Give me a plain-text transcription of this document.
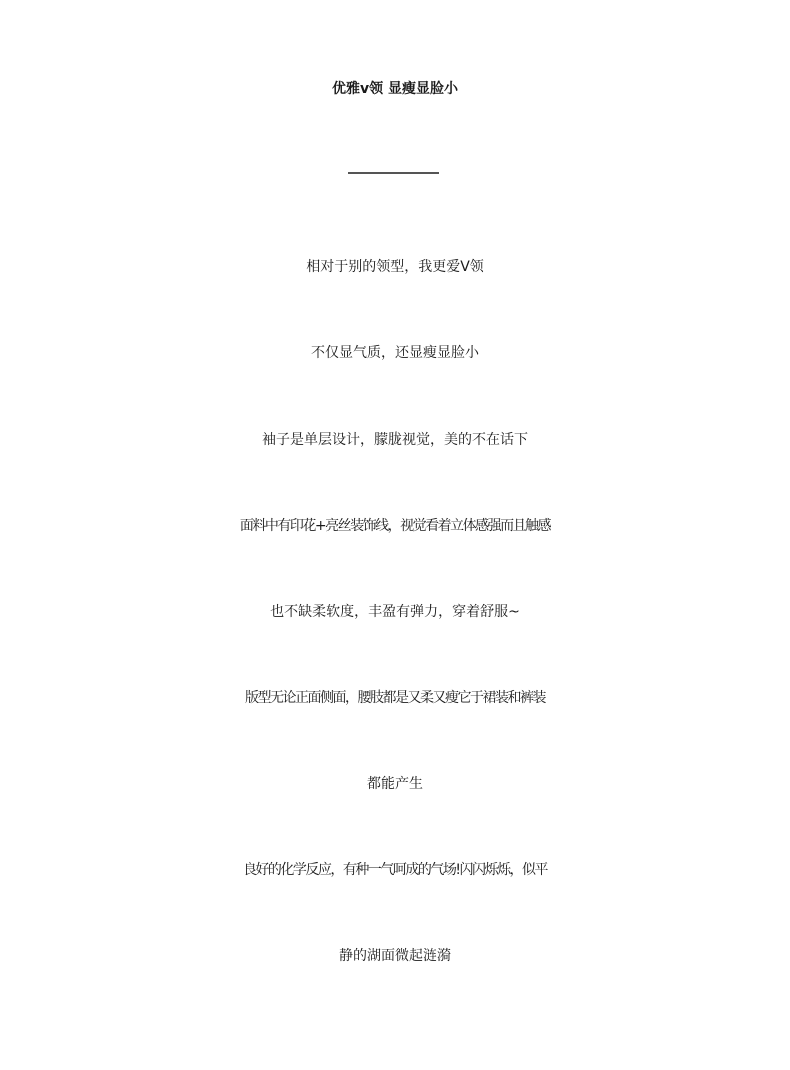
优雅v领 显瘦显脸小

相对于别的领型，我更爱V领

不仅显气质，还显瘦显脸小

袖子是单层设计，朦胧视觉，美的不在话下

面料中有印花+亮丝装饰线，视觉看着立体感强而且触感

也不缺柔软度，丰盈有弹力，穿着舒服~

版型无论正面侧面，腰肢都是又柔又瘦它于裙装和裤装

都能产生

良好的化学反应，有种一气呵成的气场!闪闪烁烁，似平

静的湖面微起涟漪
